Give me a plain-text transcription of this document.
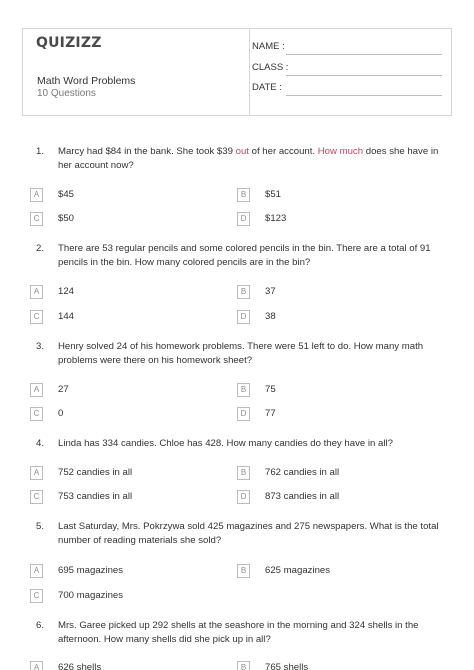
QUIZIZZ
Math Word Problems
10 Questions
NAME :
CLASS :
DATE :
1. Marcy had $84 in the bank. She took $39 out of her account. How much does she have in her account now?
A	$45	B	$51
C	$50	D	$123
2. There are 53 regular pencils and some colored pencils in the bin. There are a total of 91 pencils in the bin. How many colored pencils are in the bin?
A	124	B	37
C	144	D	38
3. Henry solved 24 of his homework problems. There were 51 left to do. How many math problems were there on his homework sheet?
A	27	B	75
C	0	D	77
4. Linda has 334 candies. Chloe has 428. How many candies do they have in all?
A	752 candies in all	B	762 candies in all
C	753 candies in all	D	873 candies in all
5. Last Saturday, Mrs. Pokrzywa sold 425 magazines and 275 newspapers. What is the total number of reading materials she sold?
A	695 magazines	B	625 magazines
C	700 magazines
6. Mrs. Garee picked up 292 shells at the seashore in the morning and 324 shells in the afternoon. How many shells did she pick up in all?
A	626 shells	B	765 shells
